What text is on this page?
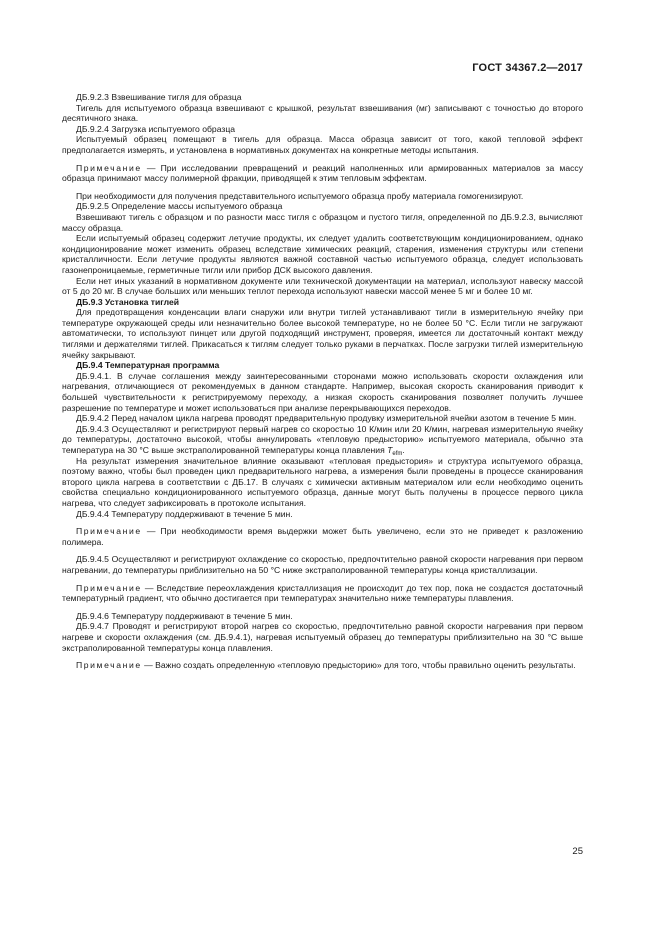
ГОСТ 34367.2—2017

ДБ.9.2.3 Взвешивание тигля для образца

Тигель для испытуемого образца взвешивают с крышкой, результат взвешивания (мг) записывают с точностью до второго десятичного знака.

ДБ.9.2.4 Загрузка испытуемого образца

Испытуемый образец помещают в тигель для образца. Масса образца зависит от того, какой тепловой эффект предполагается измерять, и установлена в нормативных документах на конкретные методы испытания.

Примечание — При исследовании превращений и реакций наполненных или армированных материалов за массу образца принимают массу полимерной фракции, приводящей к этим тепловым эффектам.

При необходимости для получения представительного испытуемого образца пробу материала гомогенизируют.

ДБ.9.2.5 Определение массы испытуемого образца

Взвешивают тигель с образцом и по разности масс тигля с образцом и пустого тигля, определенной по ДБ.9.2.3, вычисляют массу образца.

Если испытуемый образец содержит летучие продукты, их следует удалить соответствующим кондиционированием, однако кондиционирование может изменить образец вследствие химических реакций, старения, изменения структуры или степени кристалличности. Если летучие продукты являются важной составной частью испытуемого образца, следует использовать газонепроницаемые, герметичные тигли или прибор ДСК высокого давления.

Если нет иных указаний в нормативном документе или технической документации на материал, используют навеску массой от 5 до 20 мг. В случае больших или меньших теплот перехода используют навески массой менее 5 мг и более 10 мг.

ДБ.9.3 Установка тиглей

Для предотвращения конденсации влаги снаружи или внутри тиглей устанавливают тигли в измерительную ячейку при температуре окружающей среды или незначительно более высокой температуре, но не более 50 °C. Если тигли не загружают автоматически, то используют пинцет или другой подходящий инструмент, проверяя, имеется ли достаточный контакт между тиглями и держателями тиглей. Прикасаться к тиглям следует только руками в перчатках. После загрузки тиглей измерительную ячейку закрывают.

ДБ.9.4 Температурная программа

ДБ.9.4.1. В случае соглашения между заинтересованными сторонами можно использовать скорости охлаждения или нагревания, отличающиеся от рекомендуемых в данном стандарте. Например, высокая скорость сканирования приводит к большей чувствительности к регистрируемому переходу, а низкая скорость сканирования позволяет получить лучшее разрешение по температуре и может использоваться при анализе перекрывающихся переходов.

ДБ.9.4.2 Перед началом цикла нагрева проводят предварительную продувку измерительной ячейки азотом в течение 5 мин.

ДБ.9.4.3 Осуществляют и регистрируют первый нагрев со скоростью 10 К/мин или 20 К/мин, нагревая измерительную ячейку до температуры, достаточно высокой, чтобы аннулировать «тепловую предысторию» испытуемого материала, обычно эта температура на 30 °C выше экстраполированной температуры конца плавления $T_{efm}$.

На результат измерения значительное влияние оказывают «тепловая предыстория» и структура испытуемого образца, поэтому важно, чтобы был проведен цикл предварительного нагрева, а измерения были проведены в процессе сканирования второго цикла нагрева в соответствии с ДБ.17. В случаях с химически активным материалом или если необходимо оценить свойства специально кондиционированного испытуемого образца, данные могут быть получены в процессе первого цикла нагрева, что следует зафиксировать в протоколе испытания.

ДБ.9.4.4 Температуру поддерживают в течение 5 мин.

Примечание — При необходимости время выдержки может быть увеличено, если это не приведет к разложению полимера.

ДБ.9.4.5 Осуществляют и регистрируют охлаждение со скоростью, предпочтительно равной скорости нагревания при первом нагревании, до температуры приблизительно на 50 °C ниже экстраполированной температуры конца кристаллизации.

Примечание — Вследствие переохлаждения кристаллизация не происходит до тех пор, пока не создастся достаточный температурный градиент, что обычно достигается при температурах значительно ниже температуры плавления.

ДБ.9.4.6 Температуру поддерживают в течение 5 мин.

ДБ.9.4.7 Проводят и регистрируют второй нагрев со скоростью, предпочтительно равной скорости нагревания при первом нагреве и скорости охлаждения (см. ДБ.9.4.1), нагревая испытуемый образец до температуры приблизительно на 30 °C выше экстраполированной температуры конца плавления.

Примечание — Важно создать определенную «тепловую предысторию» для того, чтобы правильно оценить результаты.

25
